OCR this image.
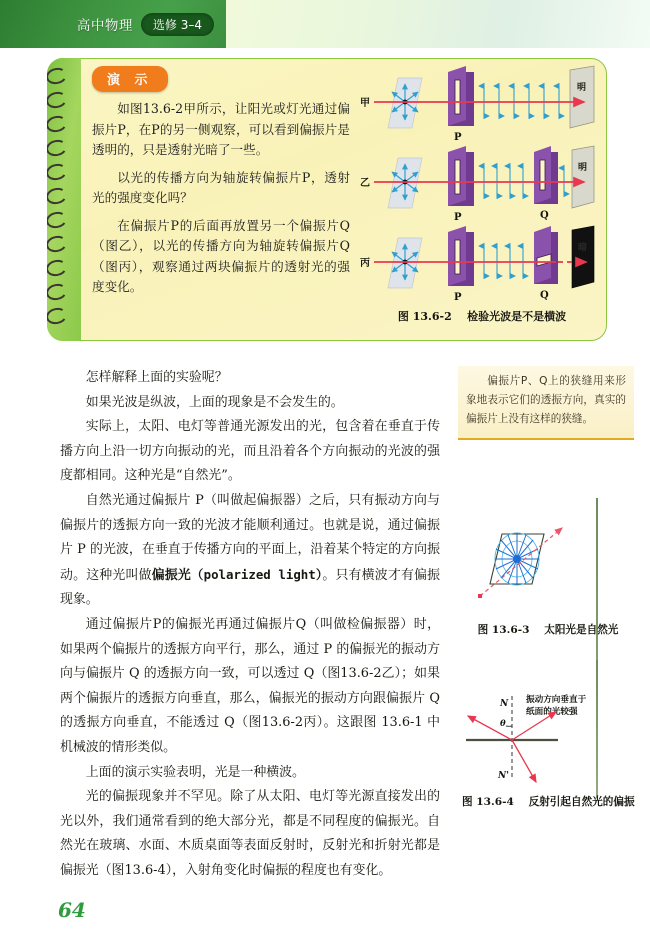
高中物理	选修 3–4
演 示

如图13.6-2甲所示，让阳光或灯光通过偏振片P，在P的另一侧观察，可以看到偏振片是透明的，只是透射光暗了一些。

以光的传播方向为轴旋转偏振片P，透射光的强度变化吗？

在偏振片P的后面再放置另一个偏振片Q（图乙），以光的传播方向为轴旋转偏振片Q（图丙），观察通过两块偏振片的透射光的强度变化。

甲
P
明
乙
P	Q
明
丙
P	Q
暗
图 13.6-2 检验光波是不是横波

怎样解释上面的实验呢？

如果光波是纵波，上面的现象是不会发生的。

实际上，太阳、电灯等普通光源发出的光，包含着在垂直于传播方向上沿一切方向振动的光，而且沿着各个方向振动的光波的强度都相同。这种光是“自然光”。

自然光通过偏振片 P（叫做起偏振器）之后，只有振动方向与偏振片的透振方向一致的光波才能顺利通过。也就是说，通过偏振片 P 的光波，在垂直于传播方向的平面上，沿着某个特定的方向振动。这种光叫做偏振光（polarized light）。只有横波才有偏振现象。

通过偏振片P的偏振光再通过偏振片Q（叫做检偏振器）时，如果两个偏振片的透振方向平行，那么，通过 P 的偏振光的振动方向与偏振片 Q 的透振方向一致，可以透过 Q（图13.6-2乙）；如果两个偏振片的透振方向垂直，那么，偏振光的振动方向跟偏振片 Q 的透振方向垂直，不能透过 Q（图13.6-2丙）。这跟图 13.6-1 中机械波的情形类似。

上面的演示实验表明，光是一种横波。

光的偏振现象并不罕见。除了从太阳、电灯等光源直接发出的光以外，我们通常看到的绝大部分光，都是不同程度的偏振光。自然光在玻璃、水面、木质桌面等表面反射时，反射光和折射光都是偏振光（图13.6-4），入射角变化时偏振的程度也有变化。

偏振片P、Q上的狭缝用来形象地表示它们的透振方向，真实的偏振片上没有这样的狭缝。

图 13.6-3 太阳光是自然光
振动方向垂直于
纸面的光较强
N
N'
θ
图 13.6-4 反射引起自然光的偏振
64
